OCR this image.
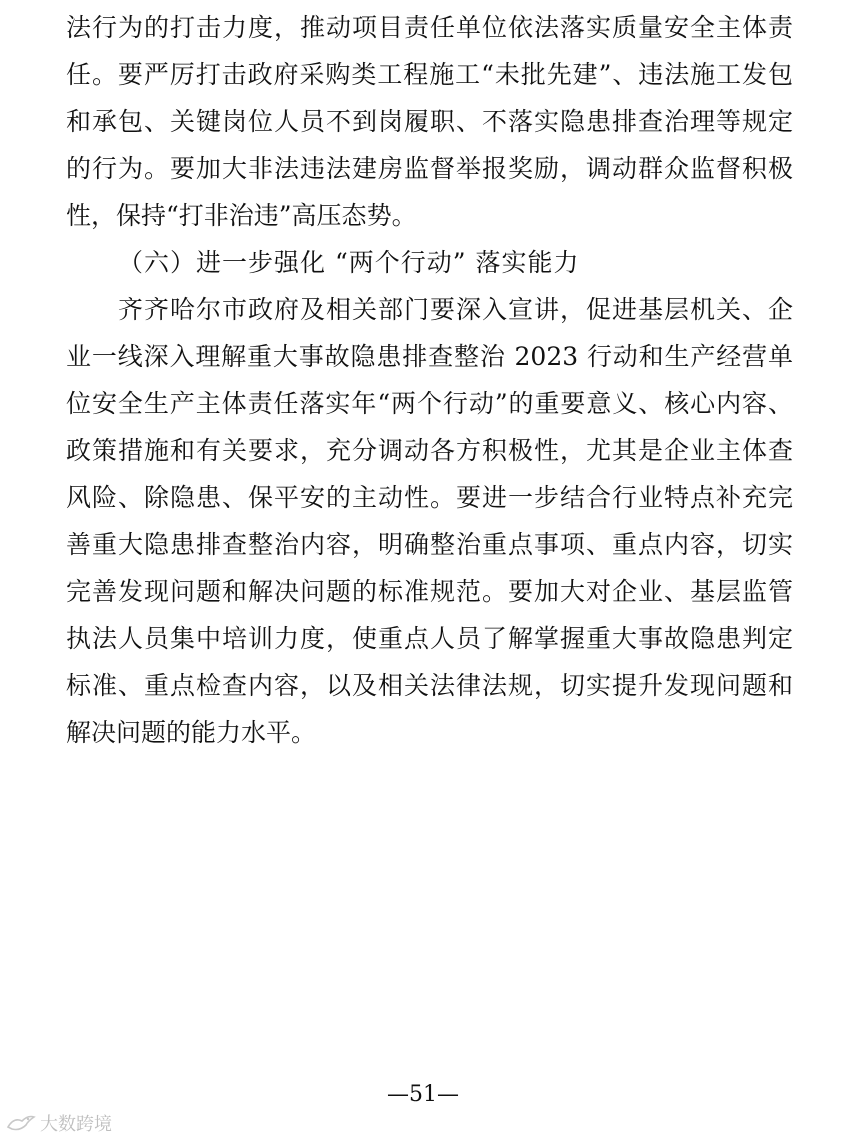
法行为的打击力度，推动项目责任单位依法落实质量安全主体责
任。要严厉打击政府采购类工程施工“未批先建”、违法施工发包
和承包、关键岗位人员不到岗履职、不落实隐患排查治理等规定
的行为。要加大非法违法建房监督举报奖励，调动群众监督积极
性，保持“打非治违”高压态势。
（六）进一步强化 “两个行动” 落实能力
齐齐哈尔市政府及相关部门要深入宣讲，促进基层机关、企
业一线深入理解重大事故隐患排查整治 2023 行动和生产经营单
位安全生产主体责任落实年“两个行动”的重要意义、核心内容、
政策措施和有关要求，充分调动各方积极性，尤其是企业主体查
风险、除隐患、保平安的主动性。要进一步结合行业特点补充完
善重大隐患排查整治内容，明确整治重点事项、重点内容，切实
完善发现问题和解决问题的标准规范。要加大对企业、基层监管
执法人员集中培训力度，使重点人员了解掌握重大事故隐患判定
标准、重点检查内容，以及相关法律法规，切实提升发现问题和
解决问题的能力水平。
—51—
大数跨境
